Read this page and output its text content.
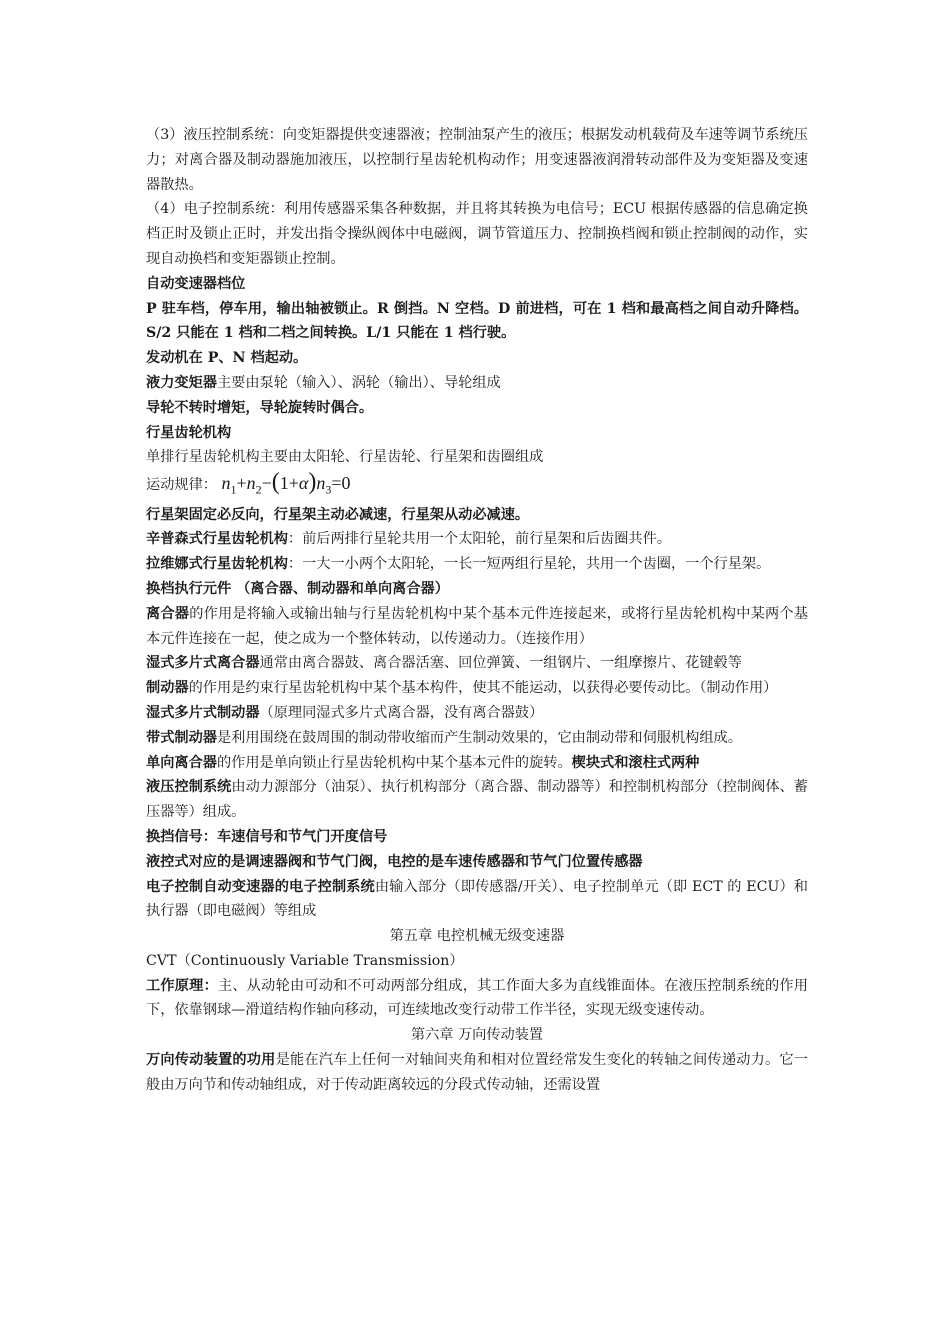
（3）液压控制系统：向变矩器提供变速器液；控制油泵产生的液压；根据发动机载荷及车速等调节系统压力；对离合器及制动器施加液压，以控制行星齿轮机构动作；用变速器液润滑转动部件及为变矩器及变速器散热。

（4）电子控制系统：利用传感器采集各种数据，并且将其转换为电信号；ECU 根据传感器的信息确定换档正时及锁止正时，并发出指令操纵阀体中电磁阀，调节管道压力、控制换档阀和锁止控制阀的动作，实现自动换档和变矩器锁止控制。

自动变速器档位

P 驻车档，停车用，输出轴被锁止。R 倒挡。N 空档。D 前进档，可在 1 档和最高档之间自动升降档。S/2 只能在 1 档和二档之间转换。L/1 只能在 1 档行驶。

发动机在 P、N 档起动。

液力变矩器主要由泵轮（输入）、涡轮（输出）、导轮组成

导轮不转时增矩，导轮旋转时偶合。

行星齿轮机构

单排行星齿轮机构主要由太阳轮、行星齿轮、行星架和齿圈组成

运动规律： $n_1+n_2-(1+\alpha)n_3=0$

行星架固定必反向，行星架主动必减速，行星架从动必减速。

辛普森式行星齿轮机构：前后两排行星轮共用一个太阳轮，前行星架和后齿圈共件。

拉维娜式行星齿轮机构：一大一小两个太阳轮，一长一短两组行星轮，共用一个齿圈，一个行星架。

换档执行元件 （离合器、制动器和单向离合器）

离合器的作用是将输入或输出轴与行星齿轮机构中某个基本元件连接起来，或将行星齿轮机构中某两个基本元件连接在一起，使之成为一个整体转动，以传递动力。（连接作用）

湿式多片式离合器通常由离合器鼓、离合器活塞、回位弹簧、一组钢片、一组摩擦片、花键毂等

制动器的作用是约束行星齿轮机构中某个基本构件，使其不能运动，以获得必要传动比。（制动作用）

湿式多片式制动器（原理同湿式多片式离合器，没有离合器鼓）

带式制动器是利用围绕在鼓周围的制动带收缩而产生制动效果的，它由制动带和伺服机构组成。

单向离合器的作用是单向锁止行星齿轮机构中某个基本元件的旋转。楔块式和滚柱式两种

液压控制系统由动力源部分（油泵）、执行机构部分（离合器、制动器等）和控制机构部分（控制阀体、蓄压器等）组成。

换挡信号：车速信号和节气门开度信号

液控式对应的是调速器阀和节气门阀，电控的是车速传感器和节气门位置传感器

电子控制自动变速器的电子控制系统由输入部分（即传感器/开关）、电子控制单元（即 ECT 的 ECU）和执行器（即电磁阀）等组成

第五章 电控机械无级变速器

CVT（Continuously Variable Transmission）

工作原理：主、从动轮由可动和不可动两部分组成，其工作面大多为直线锥面体。在液压控制系统的作用下，依靠钢球—滑道结构作轴向移动，可连续地改变行动带工作半径，实现无级变速传动。

第六章 万向传动装置

万向传动装置的功用是能在汽车上任何一对轴间夹角和相对位置经常发生变化的转轴之间传递动力。它一般由万向节和传动轴组成，对于传动距离较远的分段式传动轴，还需设置
